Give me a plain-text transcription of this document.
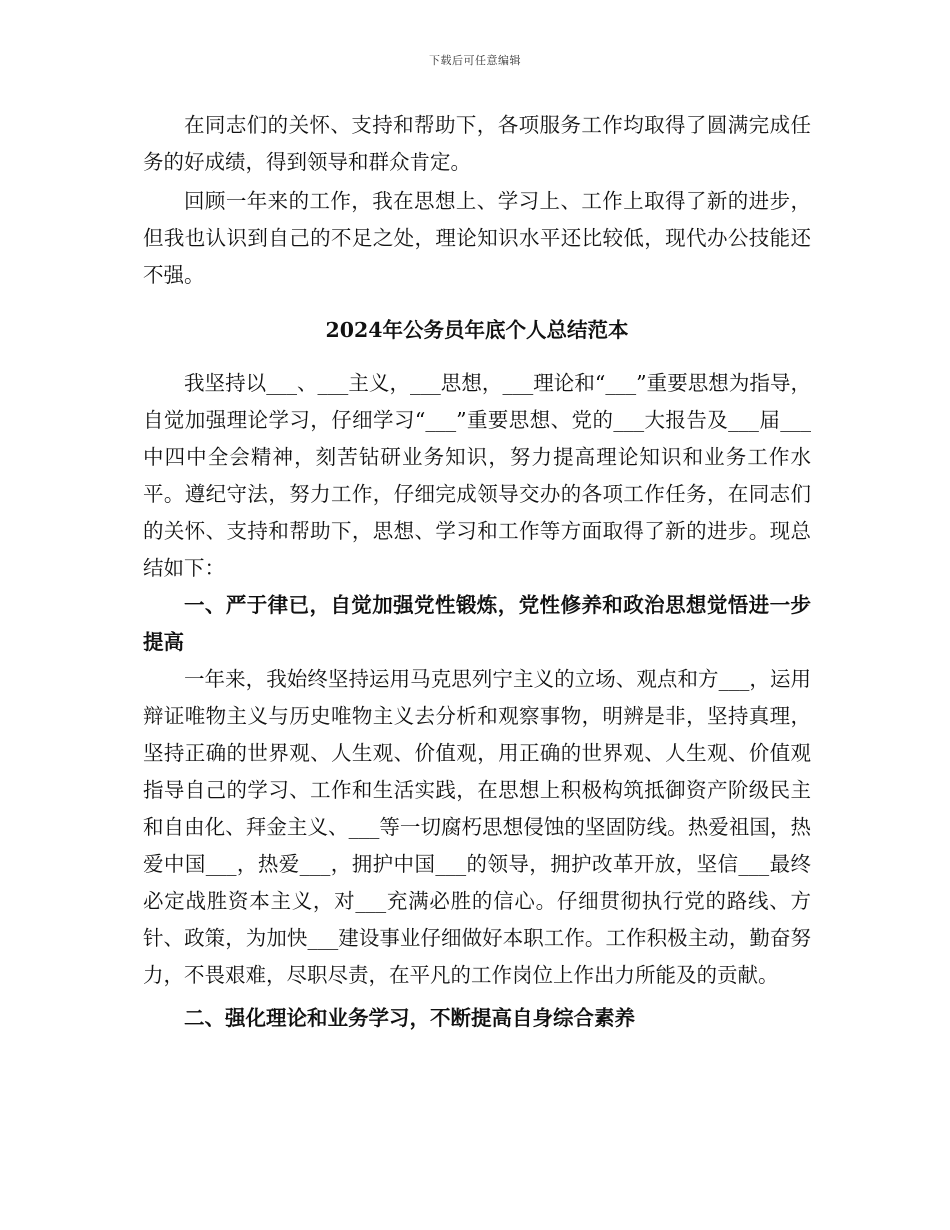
下载后可任意编辑

在同志们的关怀、支持和帮助下，各项服务工作均取得了圆满完成任务的好成绩，得到领导和群众肯定。

回顾一年来的工作，我在思想上、学习上、工作上取得了新的进步，但我也认识到自己的不足之处，理论知识水平还比较低，现代办公技能还不强。

2024年公务员年底个人总结范本

我坚持以___、___主义，___思想，___理论和“___”重要思想为指导，自觉加强理论学习，仔细学习“___”重要思想、党的___大报告及___届___中四中全会精神，刻苦钻研业务知识，努力提高理论知识和业务工作水平。遵纪守法，努力工作，仔细完成领导交办的各项工作任务，在同志们的关怀、支持和帮助下，思想、学习和工作等方面取得了新的进步。现总结如下：

一、严于律已，自觉加强党性锻炼，党性修养和政治思想觉悟进一步提高

一年来，我始终坚持运用马克思列宁主义的立场、观点和方___，运用辩证唯物主义与历史唯物主义去分析和观察事物，明辨是非，坚持真理，坚持正确的世界观、人生观、价值观，用正确的世界观、人生观、价值观指导自己的学习、工作和生活实践，在思想上积极构筑抵御资产阶级民主和自由化、拜金主义、___等一切腐朽思想侵蚀的坚固防线。热爱祖国，热爱中国___，热爱___，拥护中国___的领导，拥护改革开放，坚信___最终必定战胜资本主义，对___充满必胜的信心。仔细贯彻执行党的路线、方针、政策，为加快___建设事业仔细做好本职工作。工作积极主动，勤奋努力，不畏艰难，尽职尽责，在平凡的工作岗位上作出力所能及的贡献。

二、强化理论和业务学习，不断提高自身综合素养
